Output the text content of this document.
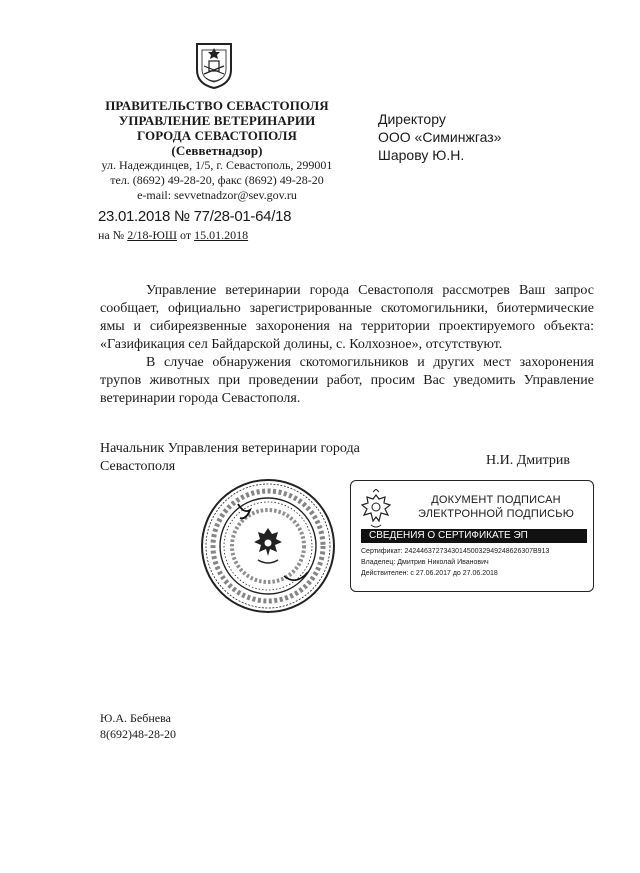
ПРАВИТЕЛЬСТВО СЕВАСТОПОЛЯ
УПРАВЛЕНИЕ ВЕТЕРИНАРИИ
ГОРОДА СЕВАСТОПОЛЯ
(Севветнадзор)
ул. Надеждинцев, 1/5, г. Севастополь, 299001
тел. (8692) 49-28-20, факс (8692) 49-28-20
e-mail: sevvetnadzor@sev.gov.ru
23.01.2018 № 77/28-01-64/18
на № 2/18-ЮШ от 15.01.2018
Директору
ООО «Симинжгаз»
Шарову Ю.Н.

Управление ветеринарии города Севастополя рассмотрев Ваш запрос сообщает, официально зарегистрированные скотомогильники, биотермические ямы и сибиреязвенные захоронения на территории проектируемого объекта: «Газификация сел Байдарской долины, с. Колхозное», отсутствуют.

В случае обнаружения скотомогильников и других мест захоронения трупов животных при проведении работ, просим Вас уведомить Управление ветеринарии города Севастополя.

Начальник Управления ветеринарии города Севастополя	Н.И. Дмитрив
ДОКУМЕНТ ПОДПИСАН
ЭЛЕКТРОННОЙ ПОДПИСЬЮ
СВЕДЕНИЯ О СЕРТИФИКАТЕ ЭП
Сертификат: 242446372734301450032949248626307B913
Владелец: Дмитрив Николай Иванович
Действителен: с 27.06.2017 до 27.06.2018
Ю.А. Бебнева
8(692)48-28-20
